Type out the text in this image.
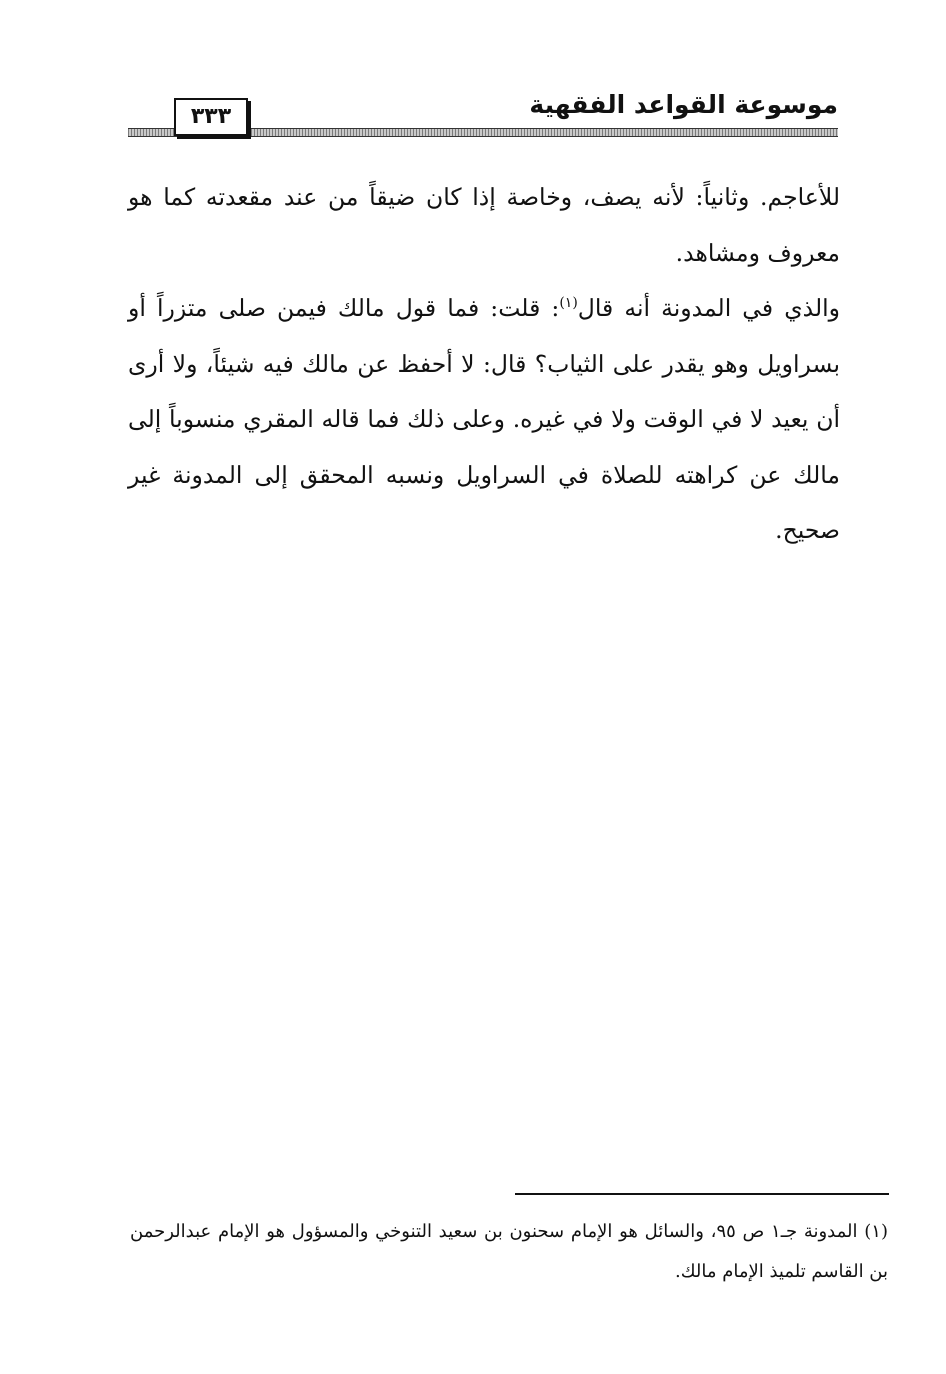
موسوعة القواعد الفقهية
٣٣٣

للأعاجم. وثانياً: لأنه يصف، وخاصة إذا كان ضيقاً من عند مقعدته كما هو معروف ومشاهد.

والذي في المدونة أنه قال$^{(١)}$: قلت: فما قول مالك فيمن صلى متزراً أو بسراويل وهو يقدر على الثياب؟ قال: لا أحفظ عن مالك فيه شيئاً، ولا أرى أن يعيد لا في الوقت ولا في غيره. وعلى ذلك فما قاله المقري منسوباً إلى مالك عن كراهته للصلاة في السراويل ونسبه المحقق إلى المدونة غير صحيح.

(١) المدونة جـ١ ص ٩٥، والسائل هو الإمام سحنون بن سعيد التنوخي والمسؤول هو الإمام عبدالرحمن بن القاسم تلميذ الإمام مالك.
